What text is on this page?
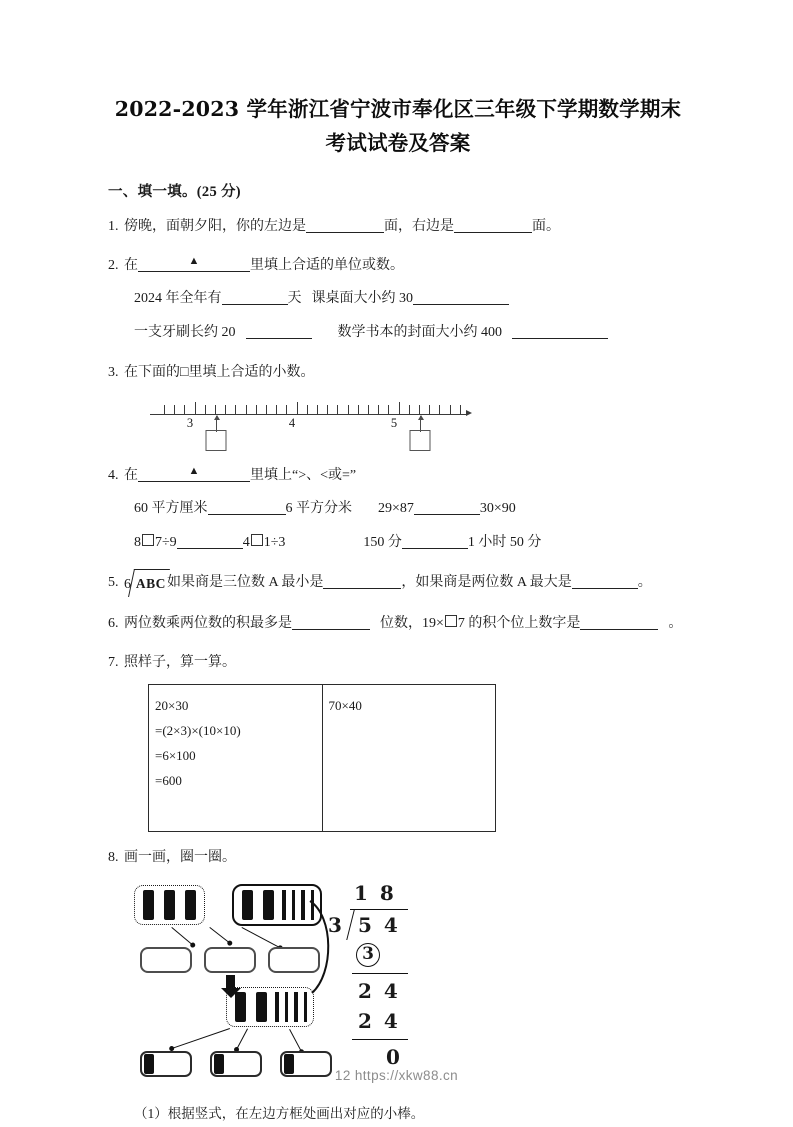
2022-2023 学年浙江省宁波市奉化区三年级下学期数学期末
考试试卷及答案
一、填一填。(25 分)
1. 傍晚，面朝夕阳，你的左边是	面，右边是	面。
2. 在	▲	里填上合适的单位或数。
2024 年全年有	天 课桌面大小约 30
一支牙刷长约 20	数学书本的封面大小约 400
3. 在下面的□里填上合适的小数。
3	4	5
4. 在	▲	里填上“>、<或=”
60 平方厘米	6 平方分米 29×87	30×90
8 7÷9	4 1÷3	150 分	1 小时 50 分
5. 6 ABC如果商是三位数 A 最小是	，如果商是两位数 A 最大是	。
6. 两位数乘两位数的积最多是	位数，19× 7 的积个位上数字是	。
7. 照样子，算一算。
20×30
=(2×3)×(10×10)
=6×100
=600

70×40
8. 画一画，圈一圈。
18
3 54
3
24
24
0
（1）根据竖式，在左边方框处画出对应的小棒。
12 https://xkw88.cn
